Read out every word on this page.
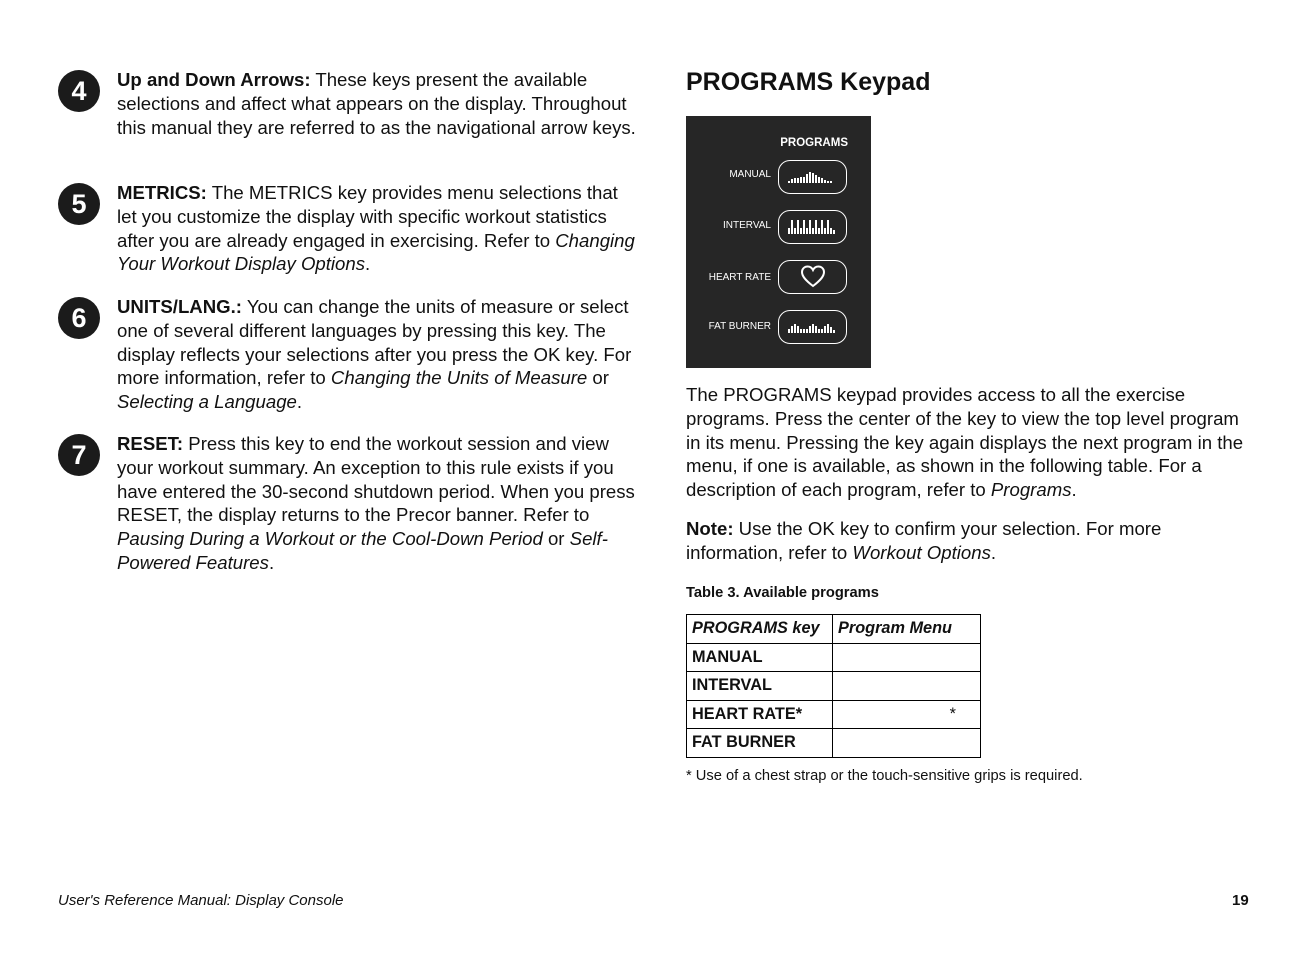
4	Up and Down Arrows: These keys present the available selections and affect what appears on the display. Throughout this manual they are referred to as the navigational arrow keys.
5	METRICS: The METRICS key provides menu selections that let you customize the display with specific workout statistics after you are already engaged in exercising. Refer to Changing Your Workout Display Options.
6	UNITS/LANG.: You can change the units of measure or select one of several different languages by pressing this key. The display reflects your selections after you press the OK key. For more information, refer to Changing the Units of Measure or Selecting a Language.
7	RESET: Press this key to end the workout session and view your workout summary. An exception to this rule exists if you have entered the 30-second shutdown period. When you press RESET, the display returns to the Precor banner. Refer to Pausing During a Workout or the Cool-Down Period or Self-Powered Features.
PROGRAMS Keypad
PROGRAMS
MANUAL
INTERVAL
HEART RATE
FAT BURNER
The PROGRAMS keypad provides access to all the exercise programs. Press the center of the key to view the top level program in its menu. Pressing the key again displays the next program in the menu, if one is available, as shown in the following table. For a description of each program, refer to Programs.
Note: Use the OK key to confirm your selection. For more information, refer to Workout Options.
Table 3. Available programs
PROGRAMS key	Program Menu
MANUAL	
INTERVAL	
HEART RATE*	*
FAT BURNER	
* Use of a chest strap or the touch-sensitive grips is required.
User's Reference Manual: Display Console	19
